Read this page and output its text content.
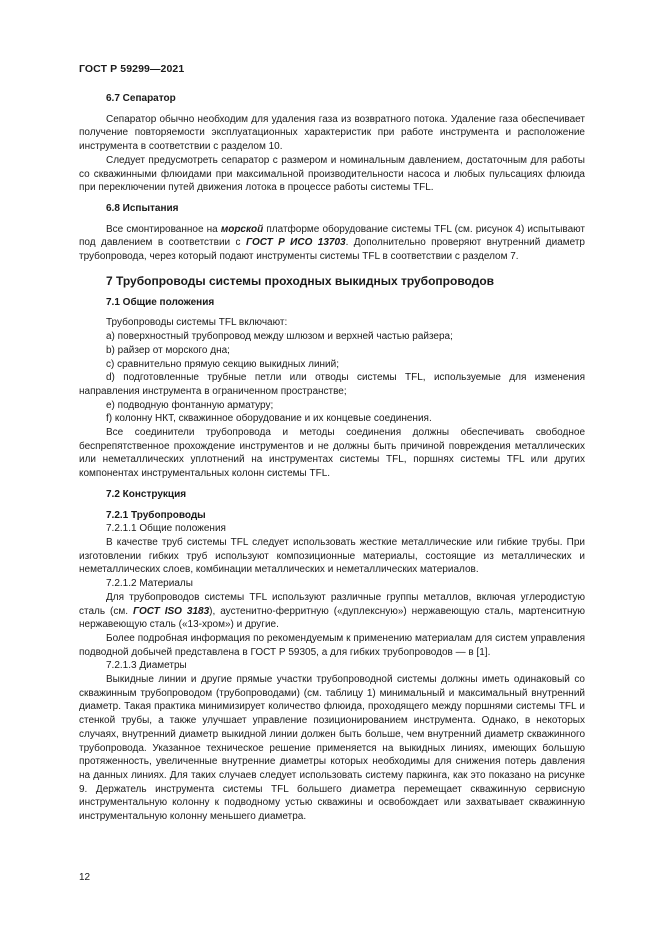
ГОСТ Р 59299—2021

6.7 Сепаратор

Сепаратор обычно необходим для удаления газа из возвратного потока. Удаление газа обеспечивает получение повторяемости эксплуатационных характеристик при работе инструмента и расположение инструмента в соответствии с разделом 10.

Следует предусмотреть сепаратор с размером и номинальным давлением, достаточным для работы со скважинными флюидами при максимальной производительности насоса и любых пульсациях флюида при переключении путей движения лотока в процессе работы системы TFL.

6.8 Испытания

Все смонтированное на морской платформе оборудование системы TFL (см. рисунок 4) испытывают под давлением в соответствии с ГОСТ Р ИСО 13703. Дополнительно проверяют внутренний диаметр трубопровода, через который подают инструменты системы TFL в соответствии с разделом 7.

7 Трубопроводы системы проходных выкидных трубопроводов

7.1 Общие положения

Трубопроводы системы TFL включают:

a) поверхностный трубопровод между шлюзом и верхней частью райзера;

b) райзер от морского дна;

c) сравнительно прямую секцию выкидных линий;

d) подготовленные трубные петли или отводы системы TFL, используемые для изменения направления инструмента в ограниченном пространстве;

e) подводную фонтанную арматуру;

f) колонну НКТ, скважинное оборудование и их концевые соединения.

Все соединители трубопровода и методы соединения должны обеспечивать свободное беспрепятственное прохождение инструментов и не должны быть причиной повреждения металлических или неметаллических уплотнений на инструментах системы TFL, поршнях системы TFL или других компонентах инструментальных колонн системы TFL.

7.2 Конструкция

7.2.1 Трубопроводы

7.2.1.1 Общие положения

В качестве труб системы TFL следует использовать жесткие металлические или гибкие трубы. При изготовлении гибких труб используют композиционные материалы, состоящие из металлических и неметаллических слоев, комбинации металлических и неметаллических материалов.

7.2.1.2 Материалы

Для трубопроводов системы TFL используют различные группы металлов, включая углеродистую сталь (см. ГОСТ ISO 3183), аустенитно-ферритную («дуплексную») нержавеющую сталь, мартенситную нержавеющую сталь («13-хром») и другие.

Более подробная информация по рекомендуемым к применению материалам для систем управления подводной добычей представлена в ГОСТ Р 59305, а для гибких трубопроводов — в [1].

7.2.1.3 Диаметры

Выкидные линии и другие прямые участки трубопроводной системы должны иметь одинаковый со скважинным трубопроводом (трубопроводами) (см. таблицу 1) минимальный и максимальный внутренний диаметр. Такая практика минимизирует количество флюида, проходящего между поршнями системы TFL и стенкой трубы, а также улучшает управление позиционированием инструмента. Однако, в некоторых случаях, внутренний диаметр выкидной линии должен быть больше, чем внутренний диаметр скважинного трубопровода. Указанное техническое решение применяется на выкидных линиях, имеющих большую протяженность, увеличенные внутренние диаметры которых необходимы для снижения потерь давления на данных линиях. Для таких случаев следует использовать систему паркинга, как это показано на рисунке 9. Держатель инструмента системы TFL большего диаметра перемещает скважинную сервисную инструментальную колонну к подводному устью скважины и освобождает или захватывает скважинную инструментальную колонну меньшего диаметра.

12
